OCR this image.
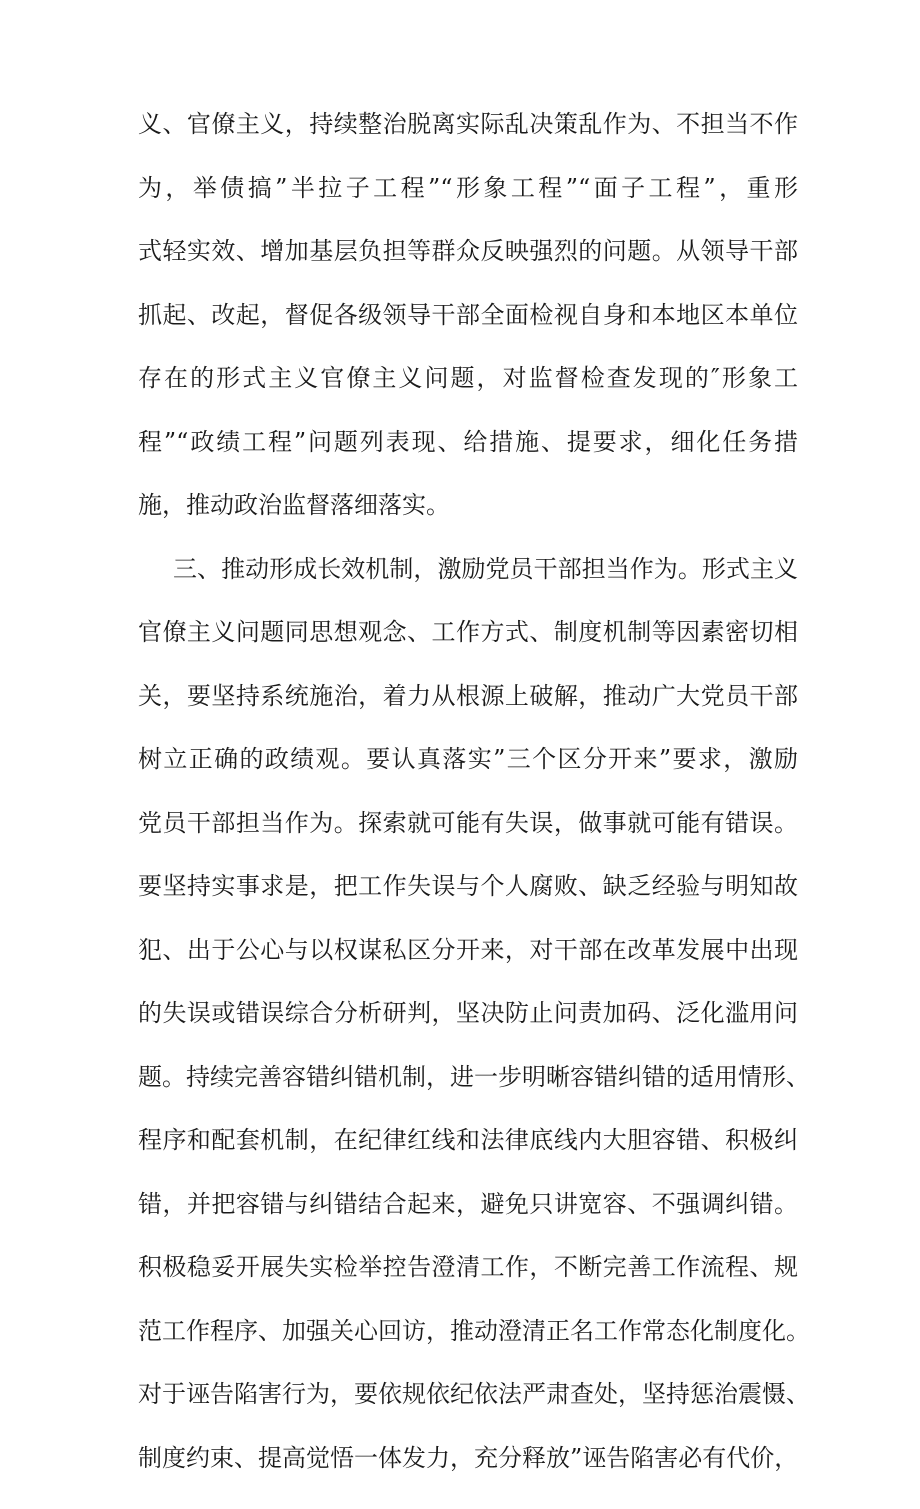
义、官僚主义，持续整治脱离实际乱决策乱作为、不担当不作
为，举债搞”半拉子工程”“形象工程”“面子工程”，重形
式轻实效、增加基层负担等群众反映强烈的问题。从领导干部
抓起、改起，督促各级领导干部全面检视自身和本地区本单位
存在的形式主义官僚主义问题，对监督检查发现的″形象工
程”“政绩工程”问题列表现、给措施、提要求，细化任务措
施，推动政治监督落细落实。
三、推动形成长效机制，激励党员干部担当作为。形式主义
官僚主义问题同思想观念、工作方式、制度机制等因素密切相
关，要坚持系统施治，着力从根源上破解，推动广大党员干部
树立正确的政绩观。要认真落实”三个区分开来”要求，激励
党员干部担当作为。探索就可能有失误，做事就可能有错误。
要坚持实事求是，把工作失误与个人腐败、缺乏经验与明知故
犯、出于公心与以权谋私区分开来，对干部在改革发展中出现
的失误或错误综合分析研判，坚决防止问责加码、泛化滥用问
题。持续完善容错纠错机制，进一步明晰容错纠错的适用情形、
程序和配套机制，在纪律红线和法律底线内大胆容错、积极纠
错，并把容错与纠错结合起来，避免只讲宽容、不强调纠错。
积极稳妥开展失实检举控告澄清工作，不断完善工作流程、规
范工作程序、加强关心回访，推动澄清正名工作常态化制度化。
对于诬告陷害行为，要依规依纪依法严肃查处，坚持惩治震慑、
制度约束、提高觉悟一体发力，充分释放”诬告陷害必有代价，
